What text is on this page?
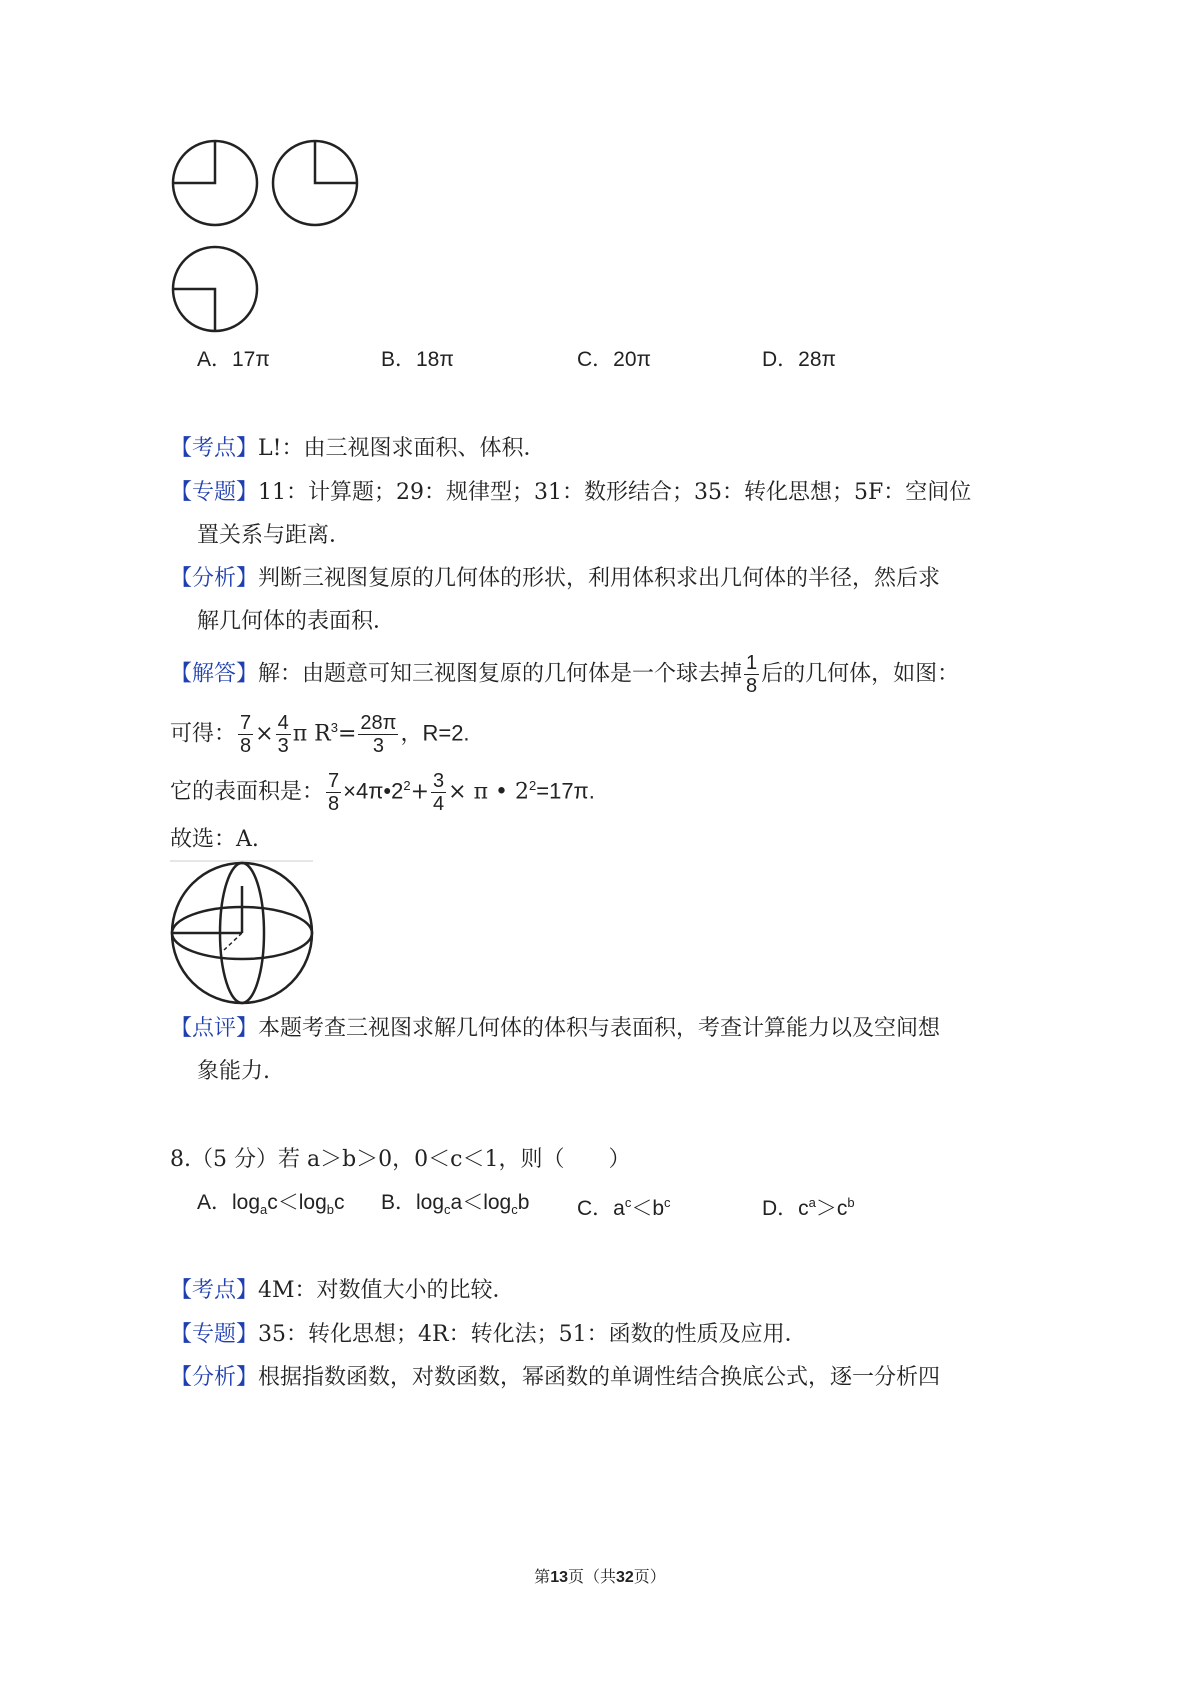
A．17π	B．18π	C．20π	D．28π
【考点】L!：由三视图求面积、体积．
【专题】11：计算题；29：规律型；31：数形结合；35：转化思想；5F：空间位
置关系与距离．
【分析】判断三视图复原的几何体的形状，利用体积求出几何体的半径，然后求
解几何体的表面积．
【解答】解：由题意可知三视图复原的几何体是一个球去掉 $\frac{1}{8}$ 后的几何体，如图：
可得： $\frac{7}{8} \times \frac{4}{3}$ π $R^3= \frac{28\pi}{3}$ ，R=2.
它的表面积是： $\frac{7}{8}$ $\times 4\pi•2^2+ \frac{3}{4} \times \pi$ • $2^2=17\pi$.
故选：A.
【点评】本题考查三视图求解几何体的体积与表面积，考查计算能力以及空间想
象能力.
8.（5 分）若 a＞b＞0，0＜c＜1，则（　　）
A．$\log_ac<\log_bc$ B．$\log_ca<\log_cb$ C．$a^c<b^c$	D．$c^a>c^b$
【考点】4M：对数值大小的比较．
【专题】35：转化思想；4R：转化法；51：函数的性质及应用．
【分析】根据指数函数，对数函数，幂函数的单调性结合换底公式，逐一分析四
第13页（共32页）
